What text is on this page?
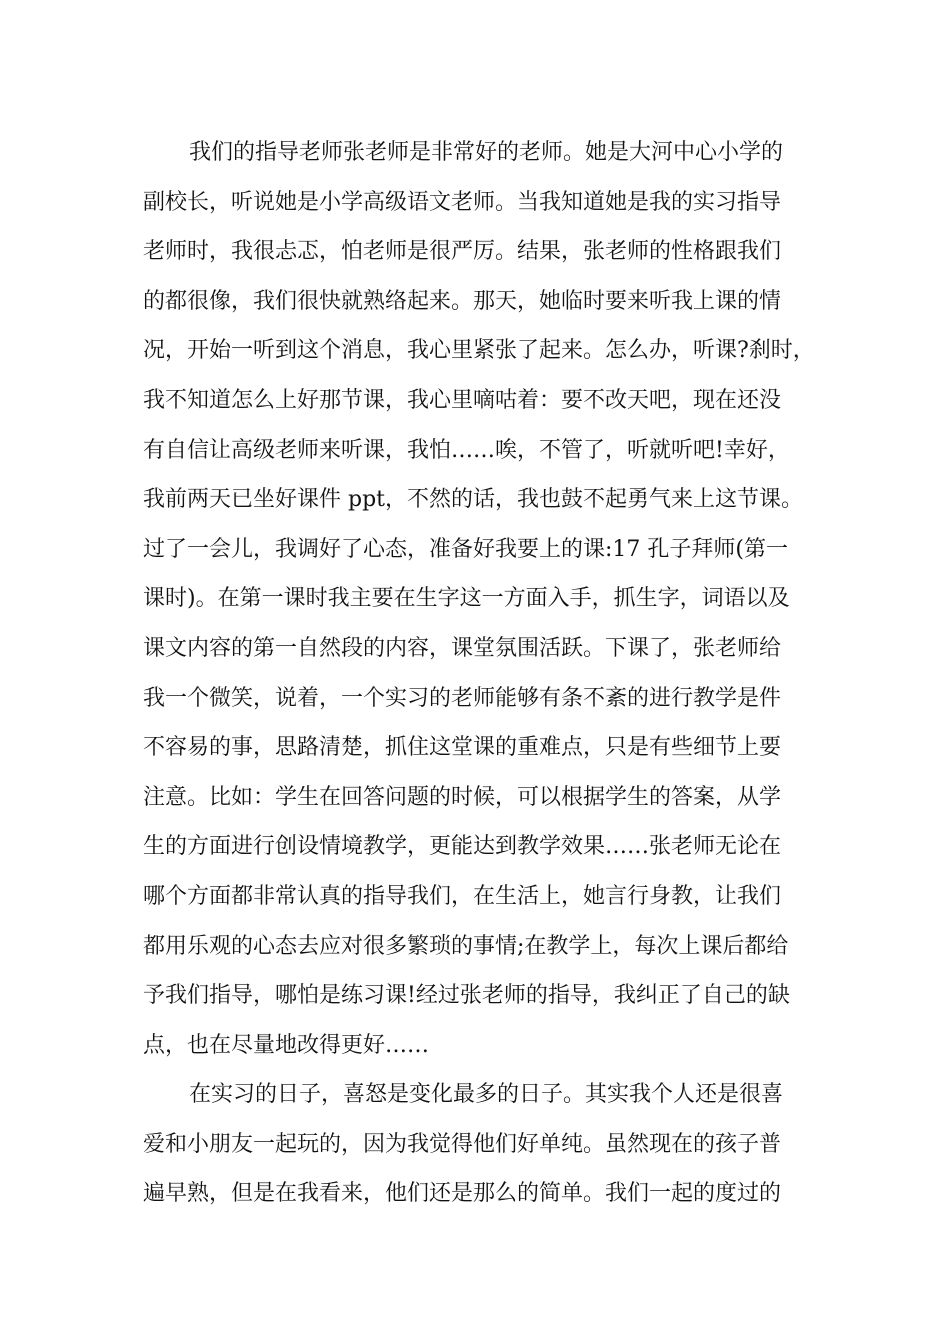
我们的指导老师张老师是非常好的老师。她是大河中心小学的
副校长，听说她是小学高级语文老师。当我知道她是我的实习指导
老师时，我很忐忑，怕老师是很严厉。结果，张老师的性格跟我们
的都很像，我们很快就熟络起来。那天，她临时要来听我上课的情
况，开始一听到这个消息，我心里紧张了起来。怎么办，听课?刹时，
我不知道怎么上好那节课，我心里嘀咕着：要不改天吧，现在还没
有自信让高级老师来听课，我怕……唉，不管了，听就听吧!幸好，
我前两天已坐好课件 ppt，不然的话，我也鼓不起勇气来上这节课。
过了一会儿，我调好了心态，准备好我要上的课:17 孔子拜师(第一
课时)。在第一课时我主要在生字这一方面入手，抓生字，词语以及
课文内容的第一自然段的内容，课堂氛围活跃。下课了，张老师给
我一个微笑，说着，一个实习的老师能够有条不紊的进行教学是件
不容易的事，思路清楚，抓住这堂课的重难点，只是有些细节上要
注意。比如：学生在回答问题的时候，可以根据学生的答案，从学
生的方面进行创设情境教学，更能达到教学效果……张老师无论在
哪个方面都非常认真的指导我们，在生活上，她言行身教，让我们
都用乐观的心态去应对很多繁琐的事情;在教学上，每次上课后都给
予我们指导，哪怕是练习课!经过张老师的指导，我纠正了自己的缺
点，也在尽量地改得更好……
在实习的日子，喜怒是变化最多的日子。其实我个人还是很喜
爱和小朋友一起玩的，因为我觉得他们好单纯。虽然现在的孩子普
遍早熟，但是在我看来，他们还是那么的简单。我们一起的度过的
